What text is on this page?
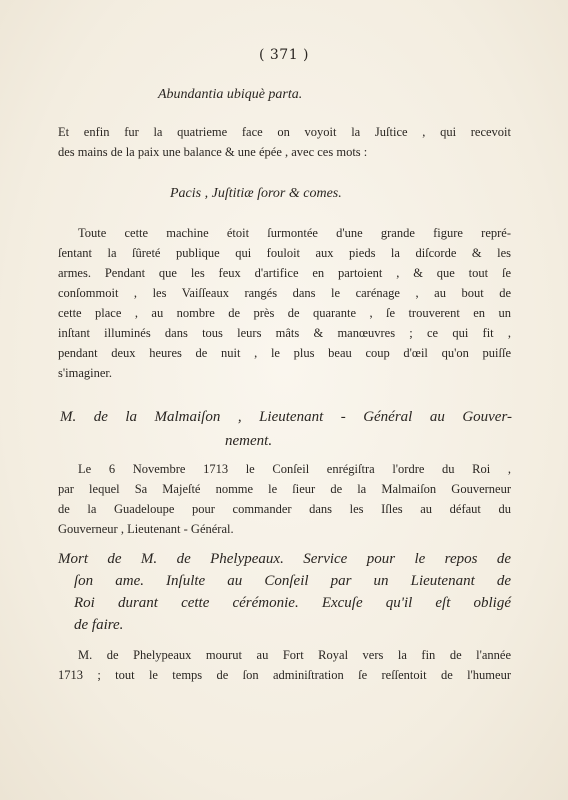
( 371 )
Abundantia ubiquè parta.
Et enfin fur la quatrieme face on voyoit la Juſtice , qui recevoit
des mains de la paix une balance & une épée , avec ces mots :
Pacis , Juſtitiæ ſoror & comes.
Toute cette machine étoit ſurmontée d'une grande figure repré-
ſentant la ſûreté publique qui fouloit aux pieds la diſcorde & les
armes. Pendant que les feux d'artifice en partoient , & que tout ſe
conſommoit , les Vaiſſeaux rangés dans le carénage , au bout de
cette place , au nombre de près de quarante , ſe trouverent en un
inſtant illuminés dans tous leurs mâts & manœuvres ; ce qui fit ,
pendant deux heures de nuit , le plus beau coup d'œil qu'on puiſſe
s'imaginer.
M. de la Malmaiſon , Lieutenant - Général au Gouver-
nement.
Le 6 Novembre 1713 le Conſeil enrégiſtra l'ordre du Roi ,
par lequel Sa Majeſté nomme le ſieur de la Malmaiſon Gouverneur
de la Guadeloupe pour commander dans les Iſles au défaut du
Gouverneur , Lieutenant - Général.
Mort de M. de Phelypeaux. Service pour le repos de
ſon ame. Inſulte au Conſeil par un Lieutenant de
Roi durant cette cérémonie. Excuſe qu'il eſt obligé
de faire.
M. de Phelypeaux mourut au Fort Royal vers la fin de l'année
1713 ; tout le temps de ſon adminiſtration ſe reſſentoit de l'humeur
